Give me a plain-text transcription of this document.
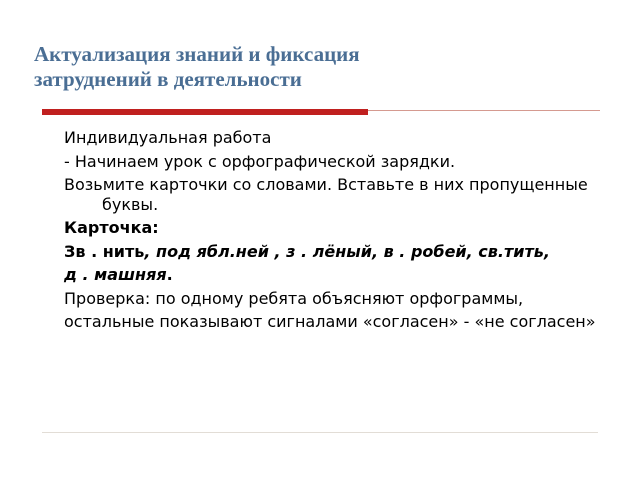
Актуализация знаний и фиксация
затруднений в деятельности

Индивидуальная работа

- Начинаем урок с орфографической зарядки.

Возьмите карточки со словами. Вставьте в них пропущенные буквы.

Карточка:

Зв . нить, под ябл.ней , з . лёный, в . робей, св.тить,

д . машняя.

Проверка: по одному ребята объясняют орфограммы,

остальные показывают сигналами «согласен» - «не согласен»
